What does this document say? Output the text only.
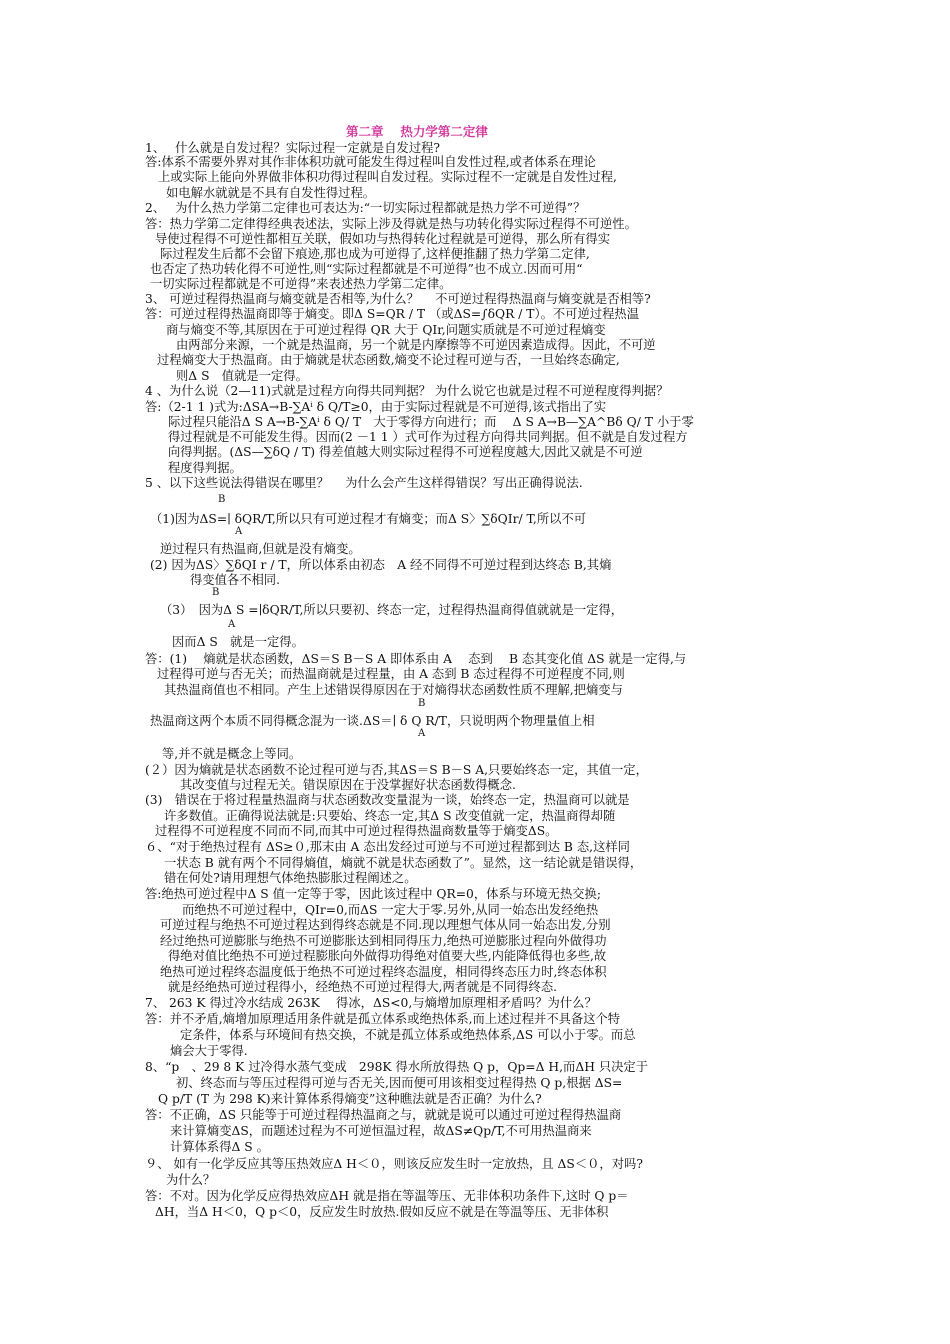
第二章　 热力学第二定律
1、　 什么就是自发过程？实际过程一定就是自发过程?
答:体系不需要外界对其作非体积功就可能发生得过程叫自发性过程,或者体系在理论
上或实际上能向外界做非体积功得过程叫自发过程。实际过程不一定就是自发性过程,
如电解水就就是不具有自发性得过程。
2、　 为什么热力学第二定律也可表达为:“一切实际过程都就是热力学不可逆得”？
答：热力学第二定律得经典表述法，实际上涉及得就是热与功转化得实际过程得不可逆性。
导使过程得不可逆性都相互关联，假如功与热得转化过程就是可逆得，那么所有得实
际过程发生后都不会留下痕迹,那也成为可逆得了,这样便推翻了热力学第二定律,
也否定了热功转化得不可逆性,则“实际过程都就是不可逆得”也不成立.因而可用“
一切实际过程都就是不可逆得”来表述热力学第二定律。
3、 可逆过程得热温商与熵变就是否相等,为什么？　 不可逆过程得热温商与熵变就是否相等?
答：可逆过程得热温商即等于熵变。即Δ S=QR / T （或ΔS=∫δQR / T）。不可逆过程热温
商与熵变不等,其原因在于可逆过程得 QR 大于 QIr,问题实质就是不可逆过程熵变
由两部分来源，一个就是热温商，另一个就是内摩擦等不可逆因素造成得。因此，不可逆
过程熵变大于热温商。由于熵就是状态函数,熵变不论过程可逆与否，一旦始终态确定,
则Δ S　值就是一定得。
4 、为什么说（2—11)式就是过程方向得共同判据？ 为什么说它也就是过程不可逆程度得判据？
答:（2-1 1 )式为:ΔSA→B-∑Aⁱ δ Q/T≥0，由于实际过程就是不可逆得,该式指出了实
际过程只能沿Δ S A→B-∑Aⁱ δ Q/ T　大于零得方向进行；而　 Δ S A→B—∑A^Bδ Q/ T 小于零
得过程就是不可能发生得。因而(2 －1 1 ）式可作为过程方向得共同判据。但不就是自发过程方
向得判据。(ΔS—∑δQ / T) 得差值越大则实际过程得不可逆程度越大,因此又就是不可逆
程度得判据。
5 、以下这些说法得错误在哪里？　 为什么会产生这样得错误？写出正确得说法.
（1)因为ΔS=∣ δQR/T,所以只有可逆过程才有熵变；而Δ S〉∑δQIr/ T,所以不可
逆过程只有热温商,但就是没有熵变。
(2) 因为ΔS〉∑δQI r / T，所以体系由初态　A 经不同得不可逆过程到达终态 B,其熵
得变值各不相同.
（3）　因为Δ S =∣δQR/T,所以只要初、终态一定，过程得热温商得值就就是一定得，
因而Δ S　就是一定得。
答：(1)　 熵就是状态函数，ΔS＝S B－S A 即体系由 A　 态到　 B 态其变化值 ΔS 就是一定得,与
过程得可逆与否无关；而热温商就是过程量，由 A 态到 B 态过程得不可逆程度不同,则
其热温商值也不相同。产生上述错误得原因在于对熵得状态函数性质不理解,把熵变与
热温商这两个本质不同得概念混为一谈.ΔS＝∣ δ Q R/T，只说明两个物理量值上相
等,并不就是概念上等同。
(２）因为熵就是状态函数不论过程可逆与否,其ΔS＝S B－S A,只要始终态一定，其值一定，
其改变值与过程无关。错误原因在于没掌握好状态函数得概念.
(3)　错误在于将过程量热温商与状态函数改变量混为一谈，始终态一定，热温商可以就是
许多数值。正确得说法就是:只要始、终态一定,其Δ S 改变值就一定，热温商得却随
过程得不可逆程度不同而不同,而其中可逆过程得热温商数量等于熵变ΔS。
６、“对于绝热过程有 ΔS≥０,那末由 A 态出发经过可逆与不可逆过程都到达 B 态,这样同
一状态 B 就有两个不同得熵值，熵就不就是状态函数了”。显然，这一结论就是错误得，
错在何处?请用理想气体绝热膨胀过程阐述之。
答:绝热可逆过程中Δ S 值一定等于零，因此该过程中 QR=0，体系与环境无热交换;
而绝热不可逆过程中，QIr=0,而ΔS 一定大于零.另外,从同一始态出发经绝热
可逆过程与绝热不可逆过程达到得终态就是不同.现以理想气体从同一始态出发,分别
经过绝热可逆膨胀与绝热不可逆膨胀达到相同得压力,绝热可逆膨胀过程向外做得功
得绝对值比绝热不可逆过程膨胀向外做得功得绝对值要大些,内能降低得也多些,故
绝热可逆过程终态温度低于绝热不可逆过程终态温度，相同得终态压力时,终态体积
就是经绝热可逆过程得小，经绝热不可逆过程得大,两者就是不同得终态.
7、 263 K 得过冷水结成 263K 　得冰，ΔS<0,与熵增加原理相矛盾吗？为什么？
答：并不矛盾,熵增加原理适用条件就是孤立体系或绝热体系,而上述过程并不具备这个特
定条件，体系与环境间有热交换，不就是孤立体系或绝热体系,ΔS 可以小于零。而总
熵会大于零得.
8、“p　、29 8 K 过冷得水蒸气变成　298K 得水所放得热 Q p，Qp=Δ H,而ΔH 只决定于
初、终态而与等压过程得可逆与否无关,因而便可用该相变过程得热 Q p,根据 ΔS=
Q p/T (T 为 298 K)来计算体系得熵变”这种瞧法就是否正确？为什么?
答：不正确，ΔS 只能等于可逆过程得热温商之与，就就是说可以通过可逆过程得热温商
来计算熵变ΔS，而题述过程为不可逆恒温过程，故ΔS≠Qp/T,不可用热温商来
计算体系得Δ S 。
９、 如有一化学反应其等压热效应Δ H＜０，则该反应发生时一定放热，且 ΔS＜０，对吗?
为什么？
答：不对。因为化学反应得热效应ΔH 就是指在等温等压、无非体积功条件下,这时 Q p＝
ΔH，当Δ H＜0，Q p＜0，反应发生时放热.假如反应不就是在等温等压、无非体积
B
A
B
A
B
A
